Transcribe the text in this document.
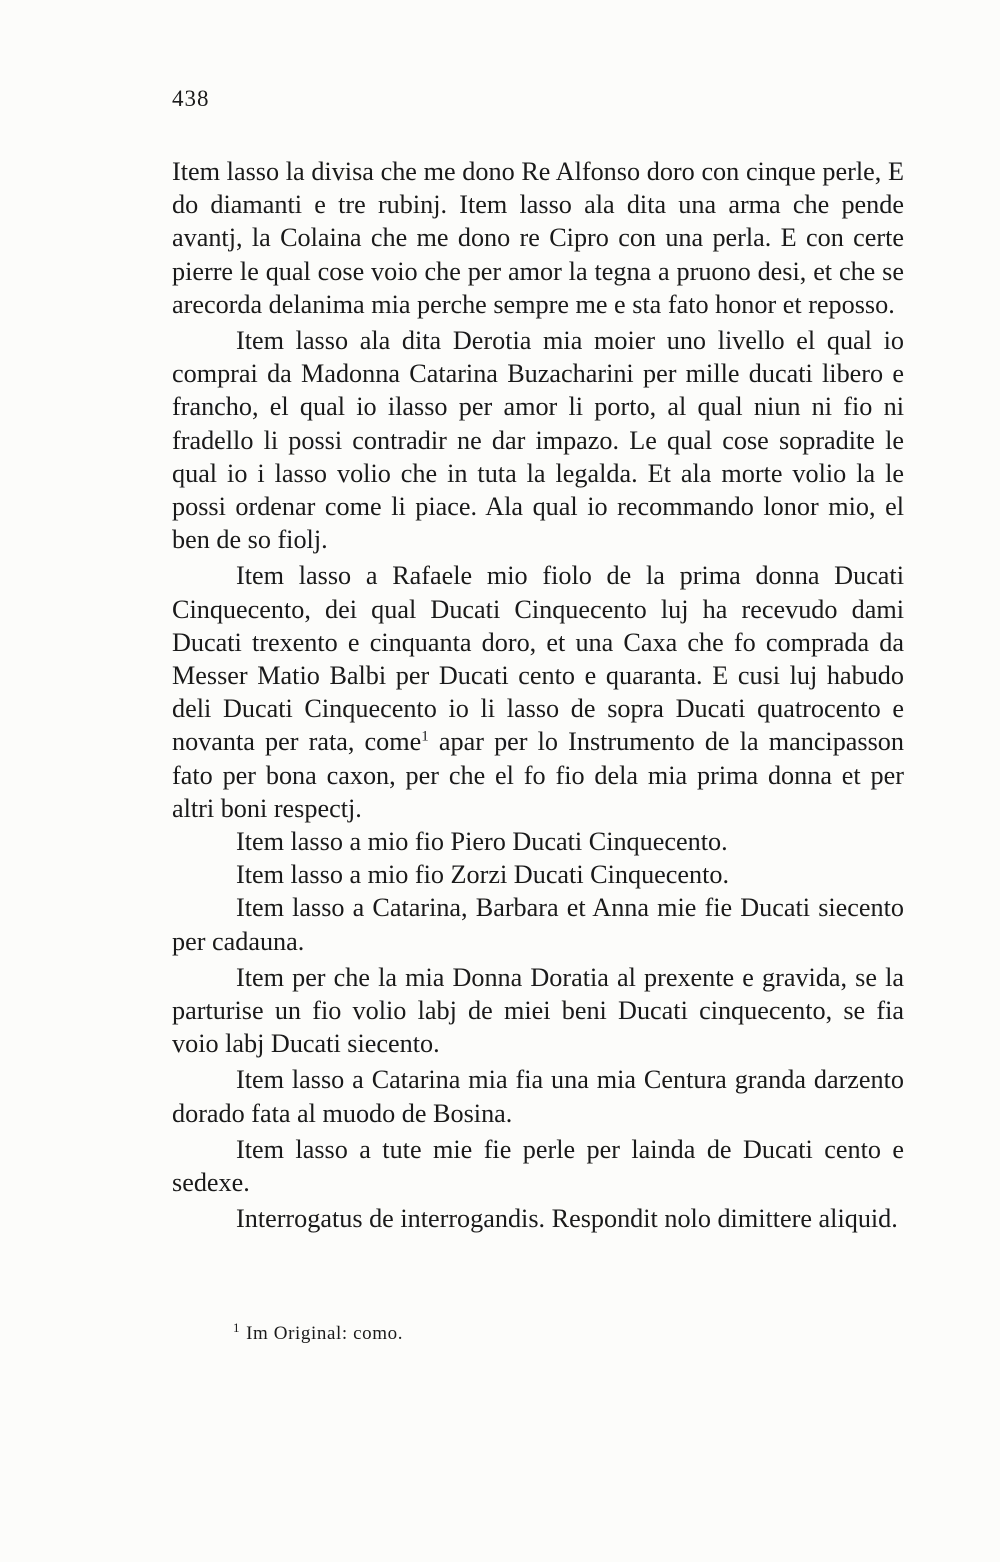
438

Item lasso la divisa che me dono Re Alfonso doro con cinque perle, E do diamanti e tre rubinj. Item lasso ala dita una arma che pende avantj, la Colaina che me dono re Cipro con una perla. E con certe pierre le qual cose voio che per amor la tegna a pruono desi, et che se arecorda delanima mia perche sempre me e sta fato honor et reposso.

Item lasso ala dita Derotia mia moier uno livello el qual io comprai da Madonna Catarina Buzacharini per mille ducati libero e francho, el qual io ilasso per amor li porto, al qual niun ni fio ni fradello li possi contradir ne dar impazo. Le qual cose sopradite le qual io i lasso volio che in tuta la legalda. Et ala morte volio la le possi ordenar come li piace. Ala qual io recommando lonor mio, el ben de so fiolj.

Item lasso a Rafaele mio fiolo de la prima donna Ducati Cinquecento, dei qual Ducati Cinquecento luj ha recevudo dami Ducati trexento e cinquanta doro, et una Caxa che fo comprada da Messer Matio Balbi per Ducati cento e quaranta. E cusi luj habudo deli Ducati Cinquecento io li lasso de sopra Ducati quatrocento e novanta per rata, come$^1$ apar per lo Instrumento de la mancipasson fato per bona caxon, per che el fo fio dela mia prima donna et per altri boni respectj.

Item lasso a mio fio Piero Ducati Cinquecento.

Item lasso a mio fio Zorzi Ducati Cinquecento.

Item lasso a Catarina, Barbara et Anna mie fie Ducati siecento per cadauna.

Item per che la mia Donna Doratia al prexente e gravida, se la parturise un fio volio labj de miei beni Ducati cinquecento, se fia voio labj Ducati siecento.

Item lasso a Catarina mia fia una mia Centura granda darzento dorado fata al muodo de Bosina.

Item lasso a tute mie fie perle per lainda de Ducati cento e sedexe.

Interrogatus de interrogandis. Respondit nolo dimittere aliquid.

$^1$ Im Original: como.
